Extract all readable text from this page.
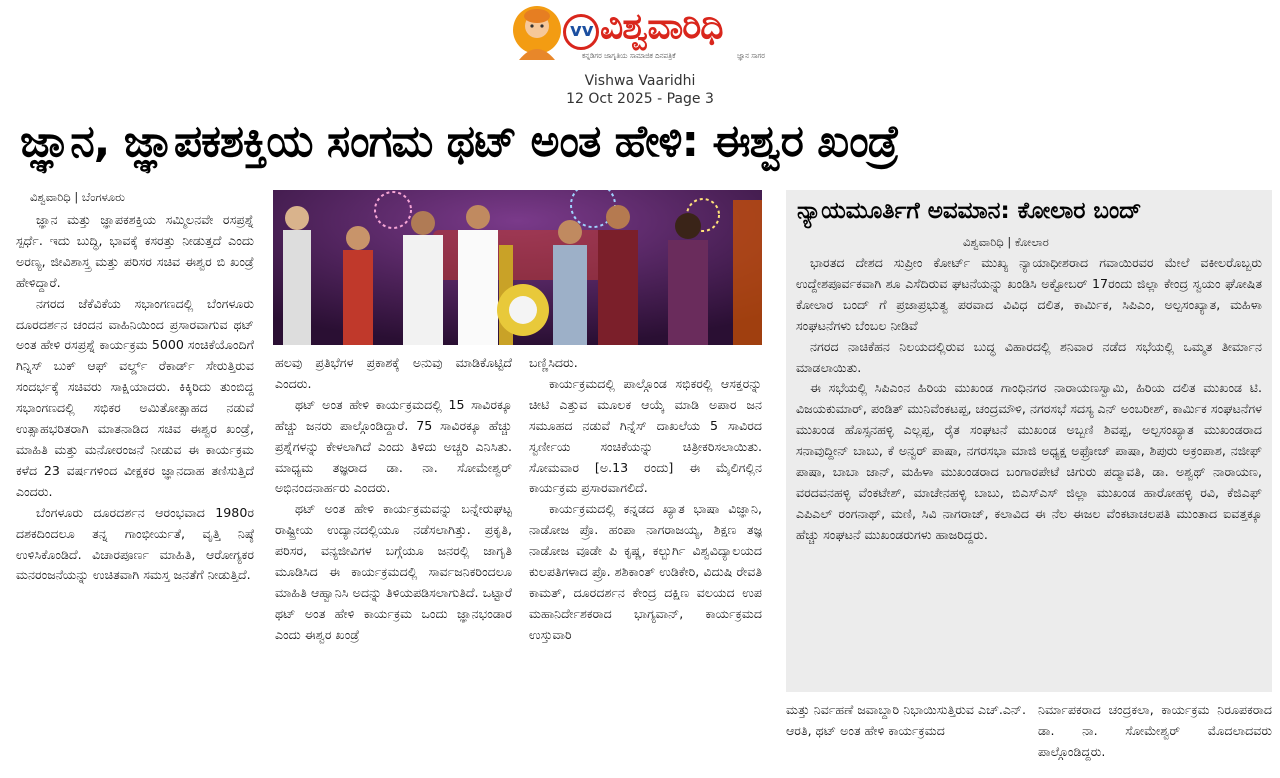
vv ವಿಶ್ವವಾರಿಧಿ
ಕನ್ನಡಿಗರ ಜಾಗೃತಿಯ ಸಾಮಾಜಿಕ ದಿನಪತ್ರಿಕೆ	ಜ್ಞಾನ ಸಾಗರ
Vishwa Vaaridhi
12 Oct 2025 - Page 3
ಜ್ಞಾನ, ಜ್ಞಾಪಕಶಕ್ತಿಯ ಸಂಗಮ ಥಟ್ ಅಂತ ಹೇಳಿ: ಈಶ್ವರ ಖಂಡ್ರೆ
ವಿಶ್ವವಾರಿಧಿ | ಬೆಂಗಳೂರು

ಜ್ಞಾನ ಮತ್ತು ಜ್ಞಾಪಕಶಕ್ತಿಯ ಸಮ್ಮಿಲನವೇ ರಸಪ್ರಶ್ನೆ ಸ್ಪರ್ಧೆ. ಇದು ಬುದ್ಧಿ, ಭಾವಕ್ಕೆ ಕಸರತ್ತು ನೀಡುತ್ತದೆ ಎಂದು ಅರಣ್ಯ, ಜೀವಿಶಾಸ್ತ್ರ ಮತ್ತು ಪರಿಸರ ಸಚಿವ ಈಶ್ವರ ಬಿ ಖಂಡ್ರೆ ಹೇಳಿದ್ದಾರೆ.

ನಗರದ ಜೆಕೆವಿಕೆಯ ಸಭಾಂಗಣದಲ್ಲಿ ಬೆಂಗಳೂರು ದೂರದರ್ಶನ ಚಂದನ ವಾಹಿನಿಯಿಂದ ಪ್ರಸಾರವಾಗುವ ಥಟ್ ಅಂತ ಹೇಳಿ ರಸಪ್ರಶ್ನೆ ಕಾರ್ಯಕ್ರಮ 5000 ಸಂಚಿಕೆಯೊಂದಿಗೆ ಗಿನ್ನಿಸ್ ಬುಕ್ ಆಫ್ ವರ್ಲ್ಡ್ ರೆಕಾರ್ಡ್ ಸೇರುತ್ತಿರುವ ಸಂದರ್ಭಕ್ಕೆ ಸಚಿವರು ಸಾಕ್ಷಿಯಾದರು. ಕಿಕ್ಕಿರಿದು ತುಂಬಿದ್ದ ಸಭಾಂಗಣದಲ್ಲಿ ಸಭಿಕರ ಅಮಿತೋತ್ಸಾಹದ ನಡುವೆ ಉತ್ಸಾಹಭರಿತರಾಗಿ ಮಾತನಾಡಿದ ಸಚಿವ ಈಶ್ವರ ಖಂಡ್ರೆ, ಮಾಹಿತಿ ಮತ್ತು ಮನೋರಂಜನೆ ನೀಡುವ ಈ ಕಾರ್ಯಕ್ರಮ ಕಳೆದ 23 ವರ್ಷಗಳಿಂದ ವೀಕ್ಷಕರ ಜ್ಞಾನದಾಹ ತಣಿಸುತ್ತಿದೆ ಎಂದರು.

ಬೆಂಗಳೂರು ದೂರದರ್ಶನ ಆರಂಭವಾದ 1980ರ ದಶಕದಿಂದಲೂ ತನ್ನ ಗಾಂಭೀರ್ಯತೆ, ವೃತ್ತಿ ನಿಷ್ಠೆ ಉಳಿಸಿಕೊಂಡಿದೆ. ವಿಚಾರಪೂರ್ಣ ಮಾಹಿತಿ, ಆರೋಗ್ಯಕರ ಮನರಂಜನೆಯನ್ನು ಉಚಿತವಾಗಿ ಸಮಸ್ತ ಜನತೆಗೆ ನೀಡುತ್ತಿದೆ.

ಹಲವು ಪ್ರತಿಭೆಗಳ ಪ್ರಕಾಶಕ್ಕೆ ಅನುವು ಮಾಡಿಕೊಟ್ಟಿದೆ ಎಂದರು.

ಥಟ್ ಅಂತ ಹೇಳಿ ಕಾರ್ಯಕ್ರಮದಲ್ಲಿ 15 ಸಾವಿರಕ್ಕೂ ಹೆಚ್ಚು ಜನರು ಪಾಲ್ಗೊಂಡಿದ್ದಾರೆ. 75 ಸಾವಿರಕ್ಕೂ ಹೆಚ್ಚು ಪ್ರಶ್ನೆಗಳನ್ನು ಕೇಳಲಾಗಿದೆ ಎಂದು ತಿಳಿದು ಅಚ್ಚರಿ ಎನಿಸಿತು. ಮಾಧ್ಯಮ ತಜ್ಞರಾದ ಡಾ. ನಾ. ಸೋಮೇಶ್ವರ್ ಅಭಿನಂದನಾರ್ಹರು ಎಂದರು.

ಥಟ್ ಅಂತ ಹೇಳಿ ಕಾರ್ಯಕ್ರಮವನ್ನು ಬನ್ನೇರುಘಟ್ಟ ರಾಷ್ಟ್ರೀಯ ಉದ್ಯಾನದಲ್ಲಿಯೂ ನಡೆಸಲಾಗಿತ್ತು. ಪ್ರಕೃತಿ, ಪರಿಸರ, ವನ್ಯಜೀವಿಗಳ ಬಗ್ಗೆಯೂ ಜನರಲ್ಲಿ ಜಾಗೃತಿ ಮೂಡಿಸಿದ ಈ ಕಾರ್ಯಕ್ರಮದಲ್ಲಿ ಸಾರ್ವಜನಿಕರಿಂದಲೂ ಮಾಹಿತಿ ಆಹ್ವಾನಿಸಿ ಅದನ್ನು ತಿಳಿಯಪಡಿಸಲಾಗುತಿದೆ. ಒಟ್ಟಾರೆ ಥಟ್ ಅಂತ ಹೇಳಿ ಕಾರ್ಯಕ್ರಮ ಒಂದು ಜ್ಞಾನಭಂಡಾರ ಎಂದು ಈಶ್ವರ ಖಂಡ್ರೆ

ಬಣ್ಣಿಸಿದರು.

ಕಾರ್ಯಕ್ರಮದಲ್ಲಿ ಪಾಲ್ಗೊಂಡ ಸಭಿಕರಲ್ಲಿ ಆಸಕ್ತರನ್ನು ಚೀಟಿ ಎತ್ತುವ ಮೂಲಕ ಆಯ್ಕೆ ಮಾಡಿ ಅಪಾರ ಜನ ಸಮೂಹದ ನಡುವೆ ಗಿನ್ನೆಸ್ ದಾಖಲೆಯ 5 ಸಾವಿರದ ಸ್ವರ್ಣೀಯ ಸಂಚಿಕೆಯನ್ನು ಚಿತ್ರೀಕರಿಸಲಾಯಿತು. ಸೋಮವಾರ [ಅ.13 ರಂದು] ಈ ಮೈಲಿಗಲ್ಲಿನ ಕಾರ್ಯಕ್ರಮ ಪ್ರಸಾರವಾಗಲಿದೆ.

ಕಾರ್ಯಕ್ರಮದಲ್ಲಿ ಕನ್ನಡದ ಖ್ಯಾತ ಭಾಷಾ ವಿಜ್ಞಾನಿ, ನಾಡೋಜ ಪ್ರೊ. ಹಂಪಾ ನಾಗರಾಜಯ್ಯ, ಶಿಕ್ಷಣ ತಜ್ಞ ನಾಡೋಜ ವೂಡೇ ಪಿ ಕೃಷ್ಣ, ಕಲ್ಬುರ್ಗಿ ವಿಶ್ವವಿದ್ಯಾಲಯದ ಕುಲಪತಿಗಳಾದ ಪ್ರೊ. ಶಶಿಕಾಂತ್ ಉಡಿಕೇರಿ, ವಿದುಷಿ ರೇವತಿ ಕಾಮತ್, ದೂರದರ್ಶನ ಕೇಂದ್ರ ದಕ್ಷಿಣ ವಲಯದ ಉಪ ಮಹಾನಿರ್ದೇಶಕರಾದ ಭಾಗ್ಯವಾನ್, ಕಾರ್ಯಕ್ರಮದ ಉಸ್ತುವಾರಿ

ನ್ಯಾಯಮೂರ್ತಿಗೆ ಅವಮಾನ: ಕೋಲಾರ ಬಂದ್
ವಿಶ್ವವಾರಿಧಿ | ಕೋಲಾರ

ಭಾರತದ ದೇಶದ ಸುಪ್ರೀಂ ಕೋರ್ಟ್ ಮುಖ್ಯ ನ್ಯಾಯಾಧೀಶರಾದ ಗವಾಯಿರವರ ಮೇಲೆ ವಕೀಲರೊಬ್ಬರು ಉದ್ದೇಶಪೂರ್ವಕವಾಗಿ ಶೂ ಎಸೆದಿರುವ ಘಟನೆಯನ್ನು ಖಂಡಿಸಿ ಅಕ್ಟೋಬರ್ 17ರಂದು ಜಿಲ್ಲಾ ಕೇಂದ್ರ ಸ್ವಯಂ ಘೋಷಿತ ಕೋಲಾರ ಬಂದ್ ಗೆ ಪ್ರಜಾಪ್ರಭುತ್ವ ಪರವಾದ ವಿವಿಧ ದಲಿತ, ಕಾರ್ಮಿಕ, ಸಿಪಿಎಂ, ಅಲ್ಪಸಂಖ್ಯಾತ, ಮಹಿಳಾ ಸಂಘಟನೆಗಳು ಬೆಂಬಲ ನೀಡಿವೆ

ನಗರದ ನಾಚಿಕೆಹನ ನಿಲಯದಲ್ಲಿರುವ ಬುದ್ಧ ವಿಹಾರದಲ್ಲಿ ಶನಿವಾರ ನಡೆದ ಸಭೆಯಲ್ಲಿ ಒಮ್ಮತ ತೀರ್ಮಾನ ಮಾಡಲಾಯಿತು.

ಈ ಸಭೆಯಲ್ಲಿ ಸಿಪಿಎಂನ ಹಿರಿಯ ಮುಖಂಡ ಗಾಂಧಿನಗರ ನಾರಾಯಣಸ್ವಾಮಿ, ಹಿರಿಯ ದಲಿತ ಮುಖಂಡ ಟಿ. ವಿಜಯಕುಮಾರ್, ಪಂಡಿತ್ ಮುನಿವೆಂಕಟಪ್ಪ, ಚಂದ್ರಮೌಳಿ, ನಗರಸಭೆ ಸದಸ್ಯ ಎನ್ ಅಂಬರೀಶ್, ಕಾರ್ಮಿಕ ಸಂಘಟನೆಗಳ ಮುಖಂಡ ಹೊಸ್ಸನಹಳ್ಳಿ ಎಲ್ಲಪ್ಪ, ರೈತ ಸಂಘಟನೆ ಮುಖಂಡ ಅಬ್ಬಣಿ ಶಿವಪ್ಪ, ಅಲ್ಪಸಂಖ್ಯಾತ ಮುಖಂಡರಾದ ಸನಾವುದ್ದೀನ್ ಬಾಬು, ಕೆ ಅನ್ವರ್ ಪಾಷಾ, ನಗರಸಭಾ ಮಾಜಿ ಅಧ್ಯಕ್ಷ ಅಫ್ರೋಜ್ ಪಾಷಾ, ಶಿಪುರು ಅಕ್ರಂಪಾಶ, ನಜೀಫ್ ಪಾಷಾ, ಬಾಬಾ ಜಾನ್, ಮಹಿಳಾ ಮುಖಂಡರಾದ ಬಂಗಾರಪೇಟೆ ಚಿಗುರು ಪದ್ಮಾವತಿ, ಡಾ. ಅಶ್ವಥ್ ನಾರಾಯಣ, ವರದವನಹಳ್ಳಿ ವೆಂಕಟೇಶ್, ಮಾಚೇನಹಳ್ಳಿ ಬಾಬು, ಬಿಎಸ್ಎಸ್ ಜಿಲ್ಲಾ ಮುಖಂಡ ಹಾರೋಹಳ್ಳಿ ರವಿ, ಕೆಜಿಎಫ್ ಎಪಿಎಲ್ ರಂಗನಾಥ್, ಮಣಿ, ಸಿವಿ ನಾಗರಾಜ್, ಕಲಾವಿದ ಈ ನೆಲ ಈಜಲ ವೆಂಕಟಾಚಲಪತಿ ಮುಂತಾದ ಐವತ್ತಕ್ಕೂ ಹೆಚ್ಚು ಸಂಘಟನೆ ಮುಖಂಡರುಗಳು ಹಾಜರಿದ್ದರು.

ಮತ್ತು ನಿರ್ವಹಣೆ ಜವಾಬ್ದಾರಿ ನಿಭಾಯಿಸುತ್ತಿರುವ ಎಚ್.ಎನ್. ಆರತಿ, ಥಟ್ ಅಂತ ಹೇಳಿ ಕಾರ್ಯಕ್ರಮದ

ನಿರ್ಮಾಪಕರಾದ ಚಂದ್ರಕಲಾ, ಕಾರ್ಯಕ್ರಮ ನಿರೂಪಕರಾದ ಡಾ. ನಾ. ಸೋಮೇಶ್ವರ್ ಮೊದಲಾದವರು ಪಾಲ್ಗೊಂಡಿದ್ದರು.
